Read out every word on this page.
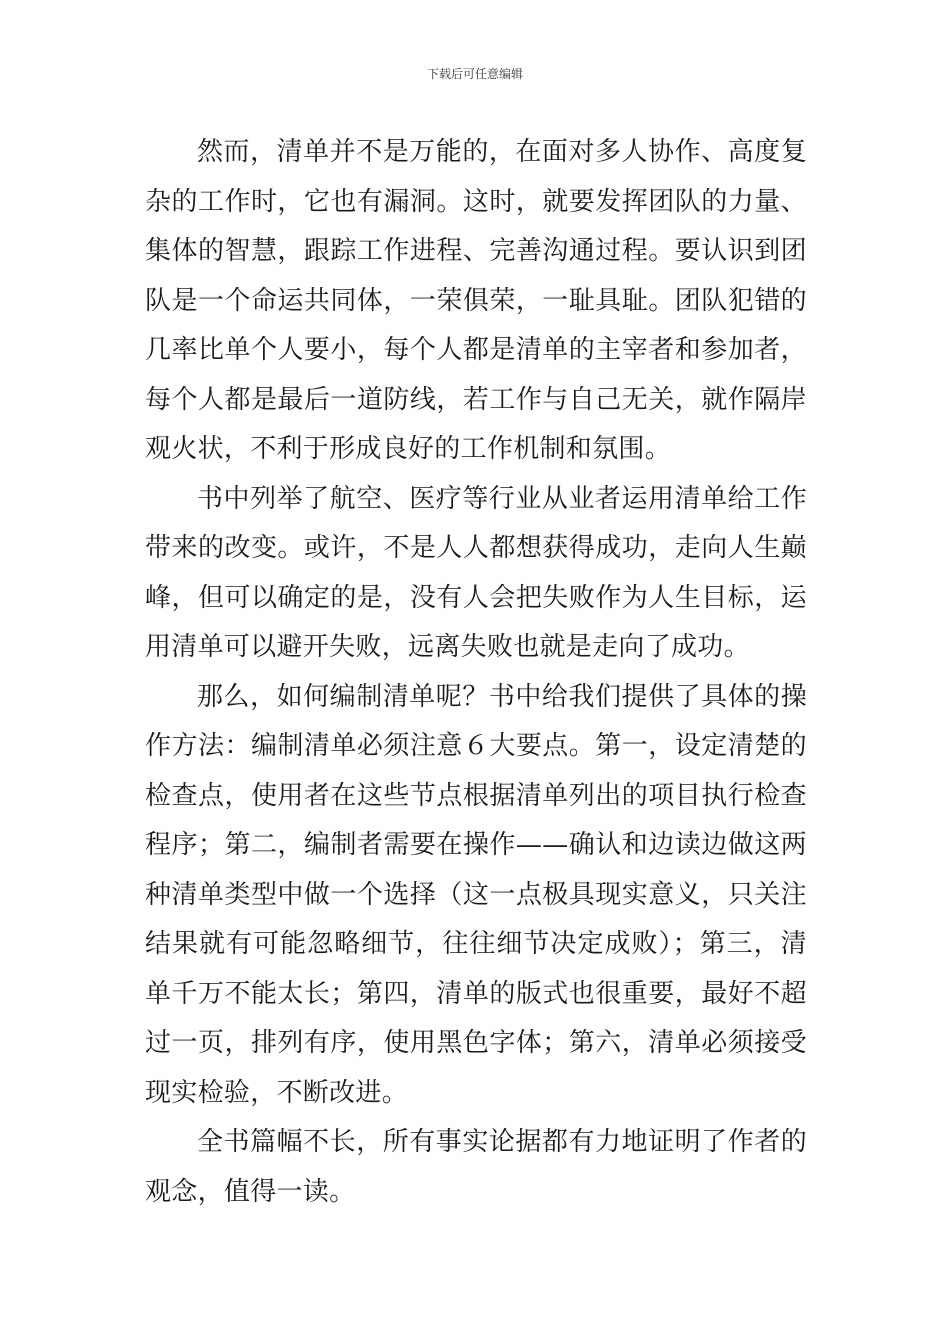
下载后可任意编辑

然而，清单并不是万能的，在面对多人协作、高度复杂的工作时，它也有漏洞。这时，就要发挥团队的力量、集体的智慧，跟踪工作进程、完善沟通过程。要认识到团队是一个命运共同体，一荣俱荣，一耻具耻。团队犯错的几率比单个人要小，每个人都是清单的主宰者和参加者，每个人都是最后一道防线，若工作与自己无关，就作隔岸观火状，不利于形成良好的工作机制和氛围。

书中列举了航空、医疗等行业从业者运用清单给工作带来的改变。或许，不是人人都想获得成功，走向人生巅峰，但可以确定的是，没有人会把失败作为人生目标，运用清单可以避开失败，远离失败也就是走向了成功。

那么，如何编制清单呢？书中给我们提供了具体的操作方法：编制清单必须注意６大要点。第一，设定清楚的检查点，使用者在这些节点根据清单列出的项目执行检查程序；第二，编制者需要在操作——确认和边读边做这两种清单类型中做一个选择（这一点极具现实意义，只关注结果就有可能忽略细节，往往细节决定成败）；第三，清单千万不能太长；第四，清单的版式也很重要，最好不超过一页，排列有序，使用黑色字体；第六，清单必须接受现实检验，不断改进。

全书篇幅不长，所有事实论据都有力地证明了作者的观念，值得一读。
